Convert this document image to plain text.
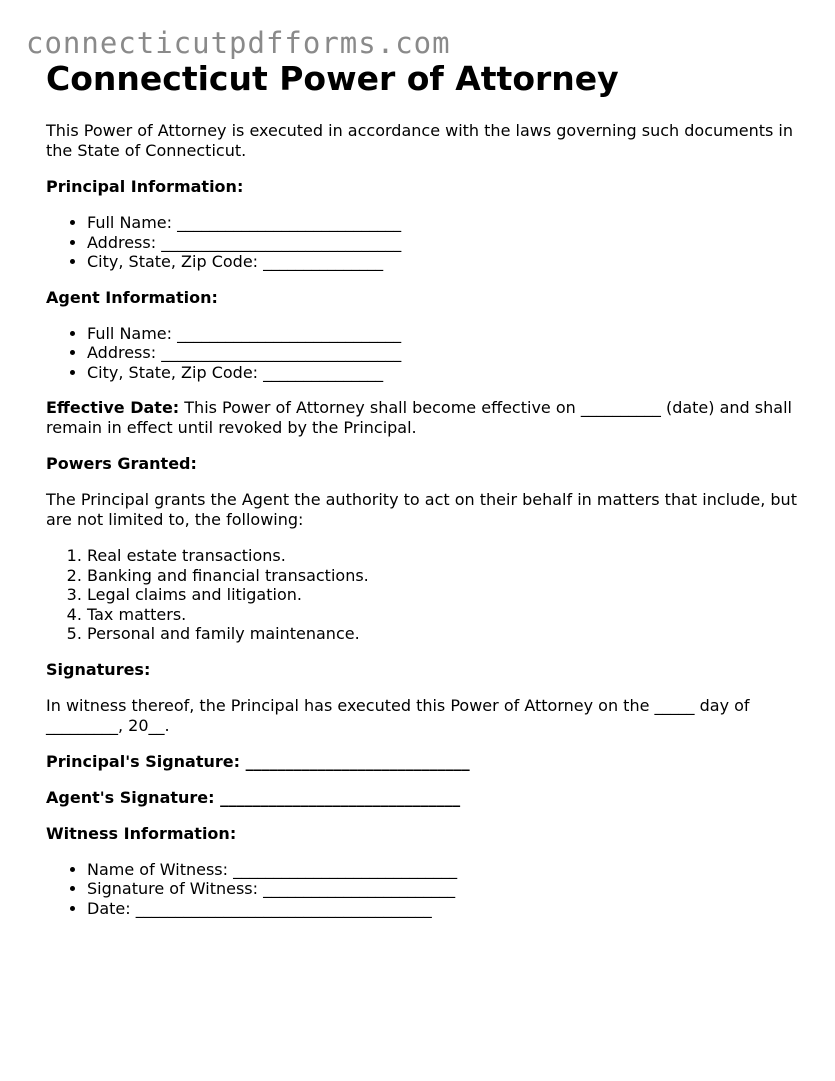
connecticutpdfforms.com
Connecticut Power of Attorney

This Power of Attorney is executed in accordance with the laws governing such documents in the State of Connecticut.

Principal Information:

• Full Name: ____________________________
• Address: ______________________________
• City, State, Zip Code: _______________

Agent Information:

• Full Name: ____________________________
• Address: ______________________________
• City, State, Zip Code: _______________

Effective Date: This Power of Attorney shall become effective on __________ (date) and shall remain in effect until revoked by the Principal.

Powers Granted:

The Principal grants the Agent the authority to act on their behalf in matters that include, but are not limited to, the following:

1. Real estate transactions.
2. Banking and financial transactions.
3. Legal claims and litigation.
4. Tax matters.
5. Personal and family maintenance.

Signatures:

In witness thereof, the Principal has executed this Power of Attorney on the _____ day of _________, 20__.

Principal's Signature: ____________________________

Agent's Signature: ______________________________

Witness Information:

• Name of Witness: ____________________________
• Signature of Witness: ________________________
• Date: _____________________________________
